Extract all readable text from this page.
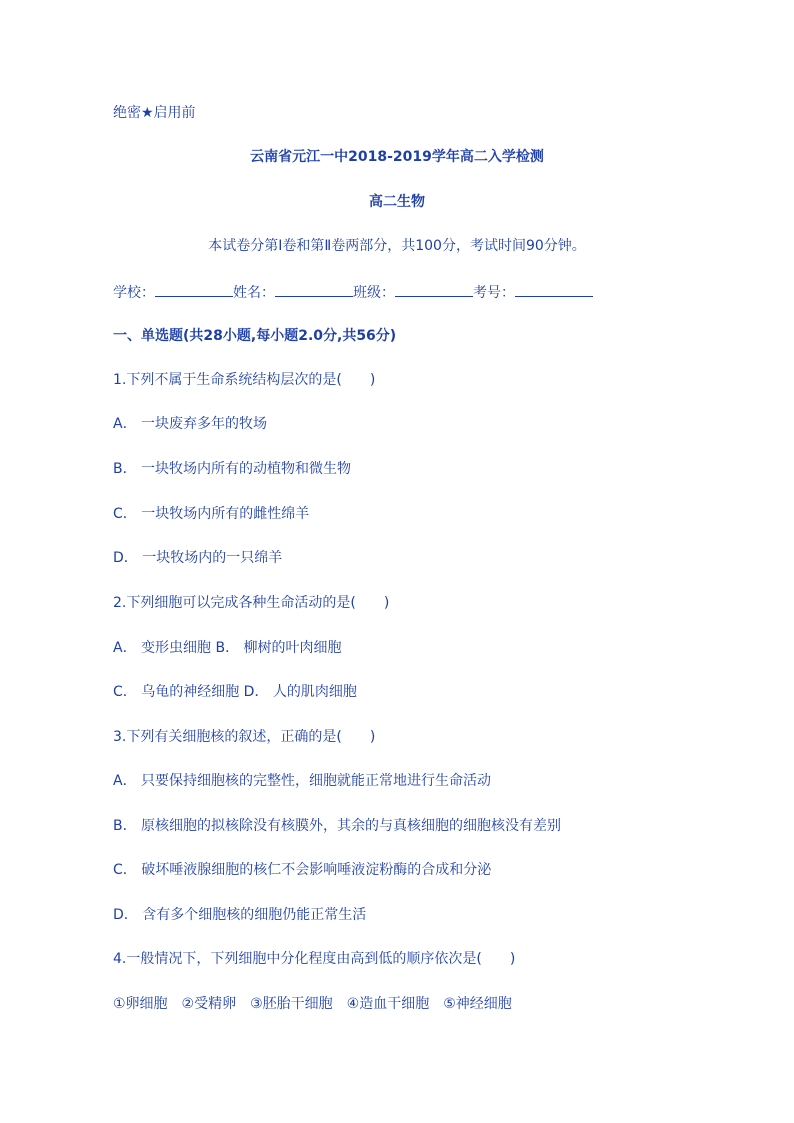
绝密★启用前
云南省元江一中2018-2019学年高二入学检测
高二生物
本试卷分第Ⅰ卷和第Ⅱ卷两部分，共100分，考试时间90分钟。
学校：	姓名：	班级：	考号：
一、单选题(共28小题,每小题2.0分,共56分)
1.下列不属于生命系统结构层次的是(　　)
A． 一块废弃多年的牧场
B． 一块牧场内所有的动植物和微生物
C． 一块牧场内所有的雌性绵羊
D． 一块牧场内的一只绵羊
2.下列细胞可以完成各种生命活动的是(　　)
A． 变形虫细胞 B． 柳树的叶肉细胞
C． 乌龟的神经细胞 D． 人的肌肉细胞
3.下列有关细胞核的叙述，正确的是(　　)
A． 只要保持细胞核的完整性，细胞就能正常地进行生命活动
B． 原核细胞的拟核除没有核膜外，其余的与真核细胞的细胞核没有差别
C． 破坏唾液腺细胞的核仁不会影响唾液淀粉酶的合成和分泌
D． 含有多个细胞核的细胞仍能正常生活
4.一般情况下，下列细胞中分化程度由高到低的顺序依次是(　　)
①卵细胞　②受精卵　③胚胎干细胞　④造血干细胞　⑤神经细胞
